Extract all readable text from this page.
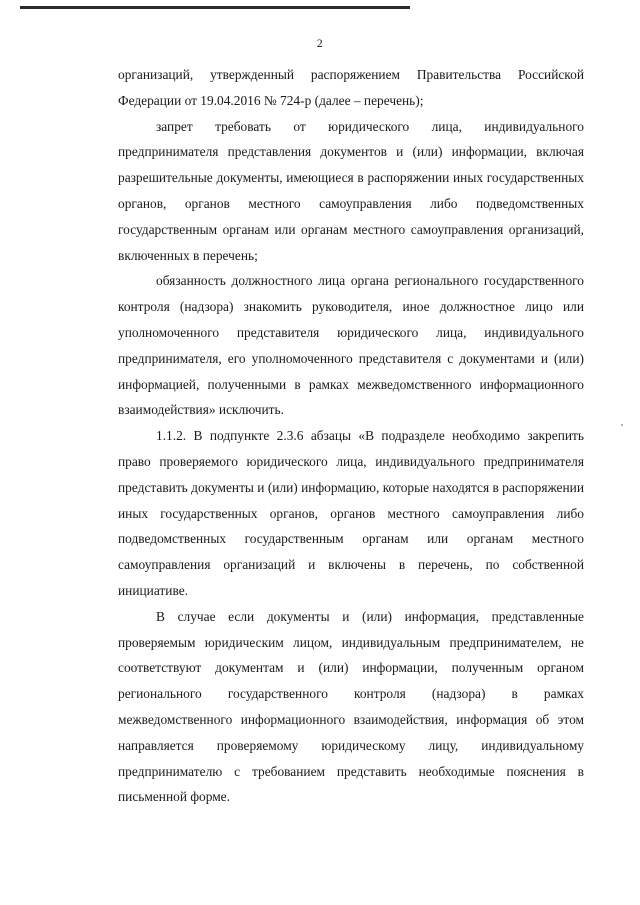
2

организаций, утвержденный распоряжением Правительства Российской Федерации от 19.04.2016 № 724-р (далее – перечень);

запрет требовать от юридического лица, индивидуального предпринимателя представления документов и (или) информации, включая разрешительные документы, имеющиеся в распоряжении иных государственных органов, органов местного самоуправления либо подведомственных государственным органам или органам местного самоуправления организаций, включенных в перечень;

обязанность должностного лица органа регионального государственного контроля (надзора) знакомить руководителя, иное должностное лицо или уполномоченного представителя юридического лица, индивидуального предпринимателя, его уполномоченного представителя с документами и (или) информацией, полученными в рамках межведомственного информационного взаимодействия» исключить.

1.1.2. В подпункте 2.3.6 абзацы «В подразделе необходимо закрепить право проверяемого юридического лица, индивидуального предпринимателя представить документы и (или) информацию, которые находятся в распоряжении иных государственных органов, органов местного самоуправления либо подведомственных государственным органам или органам местного самоуправления организаций и включены в перечень, по собственной инициативе.

В случае если документы и (или) информация, представленные проверяемым юридическим лицом, индивидуальным предпринимателем, не соответствуют документам и (или) информации, полученным органом регионального государственного контроля (надзора) в рамках межведомственного информационного взаимодействия, информация об этом направляется проверяемому юридическому лицу, индивидуальному предпринимателю с требованием представить необходимые пояснения в письменной форме.
